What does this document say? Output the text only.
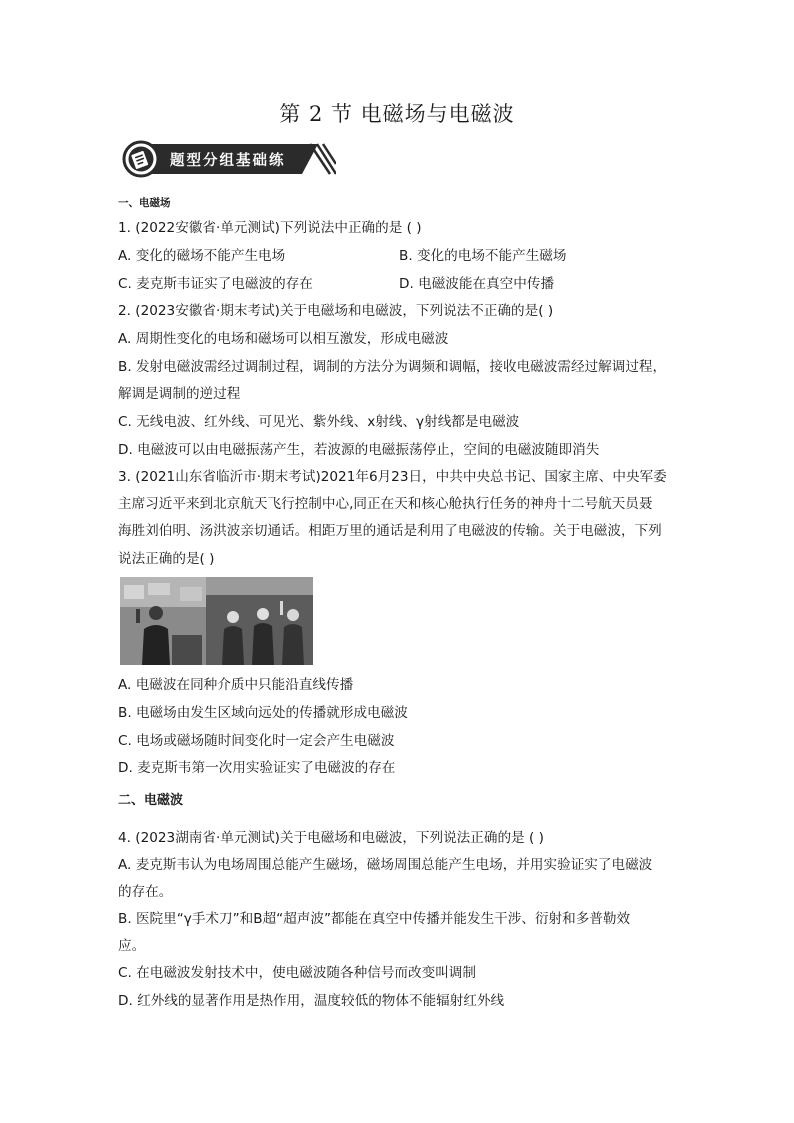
第 2 节 电磁场与电磁波
题型分组基础练
一、电磁场
1. (2022安徽省·单元测试)下列说法中正确的是 ( )
A. 变化的磁场不能产生电场	B. 变化的电场不能产生磁场
C. 麦克斯韦证实了电磁波的存在	D. 电磁波能在真空中传播
2. (2023安徽省·期末考试)关于电磁场和电磁波，下列说法不正确的是( )
A. 周期性变化的电场和磁场可以相互激发，形成电磁波
B. 发射电磁波需经过调制过程，调制的方法分为调频和调幅，接收电磁波需经过解调过程，
解调是调制的逆过程
C. 无线电波、红外线、可见光、紫外线、x射线、γ射线都是电磁波
D. 电磁波可以由电磁振荡产生，若波源的电磁振荡停止，空间的电磁波随即消失
3. (2021山东省临沂市·期末考试)2021年6月23日，中共中央总书记、国家主席、中央军委
主席习近平来到北京航天飞行控制中心,同正在天和核心舱执行任务的神舟十二号航天员聂
海胜刘伯明、汤洪波亲切通话。相距万里的通话是利用了电磁波的传输。关于电磁波，下列
说法正确的是( )
A. 电磁波在同种介质中只能沿直线传播
B. 电磁场由发生区域向远处的传播就形成电磁波
C. 电场或磁场随时间变化时一定会产生电磁波
D. 麦克斯韦第一次用实验证实了电磁波的存在
二、电磁波
4. (2023湖南省·单元测试)关于电磁场和电磁波，下列说法正确的是 ( )
A. 麦克斯韦认为电场周围总能产生磁场，磁场周围总能产生电场，并用实验证实了电磁波
的存在。
B. 医院里“γ手术刀”和B超“超声波”都能在真空中传播并能发生干涉、衍射和多普勒效
应。
C. 在电磁波发射技术中，使电磁波随各种信号而改变叫调制
D. 红外线的显著作用是热作用，温度较低的物体不能辐射红外线
